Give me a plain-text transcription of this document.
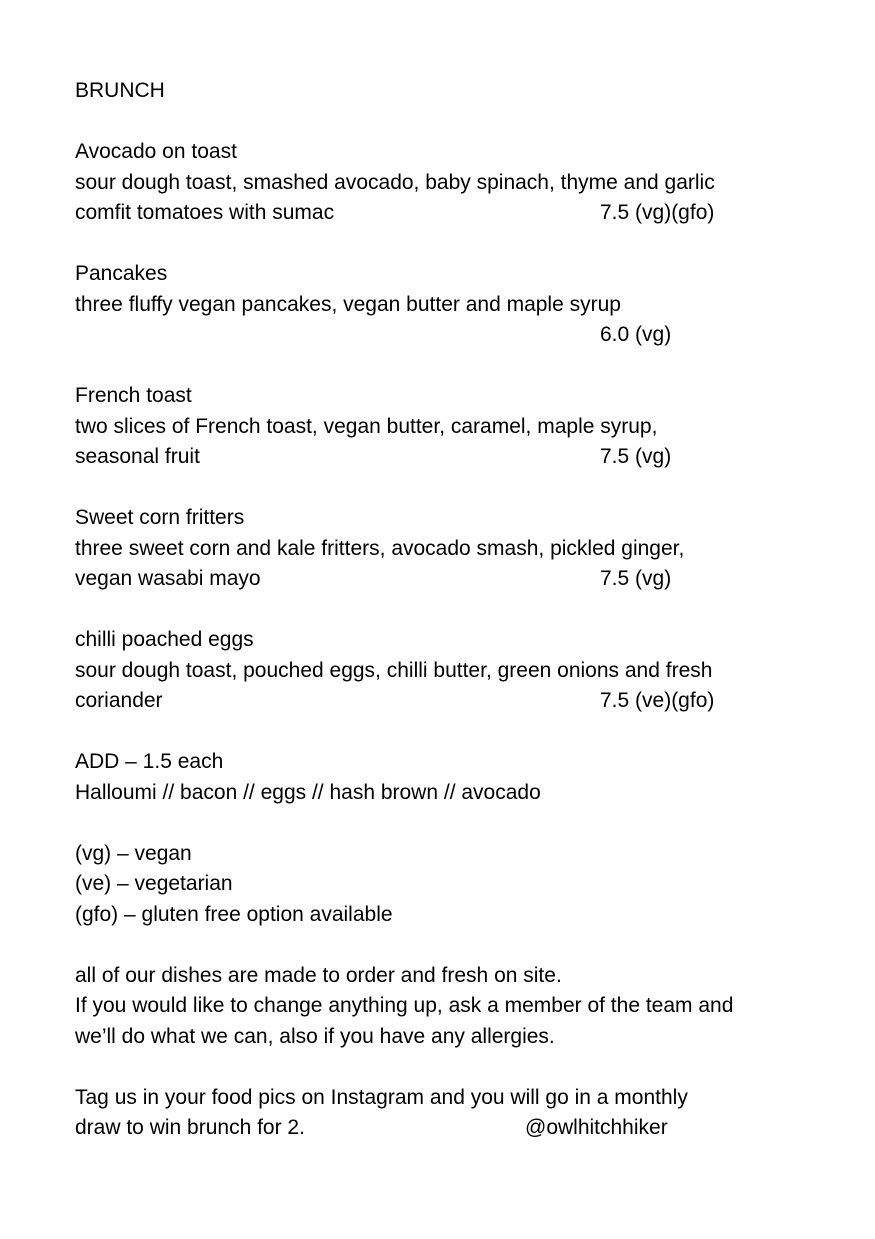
BRUNCH
Avocado on toast
sour dough toast, smashed avocado, baby spinach, thyme and garlic
comfit tomatoes with sumac	7.5 (vg)(gfo)
Pancakes
three fluffy vegan pancakes, vegan butter and maple syrup
6.0 (vg)
French toast
two slices of French toast, vegan butter, caramel, maple syrup,
seasonal fruit	7.5 (vg)
Sweet corn fritters
three sweet corn and kale fritters, avocado smash, pickled ginger,
vegan wasabi mayo	7.5 (vg)
chilli poached eggs
sour dough toast, pouched eggs, chilli butter, green onions and fresh
coriander	7.5 (ve)(gfo)
ADD – 1.5 each
Halloumi // bacon // eggs // hash brown // avocado
(vg) – vegan
(ve) – vegetarian
(gfo) – gluten free option available
all of our dishes are made to order and fresh on site.
If you would like to change anything up, ask a member of the team and
we’ll do what we can, also if you have any allergies.
Tag us in your food pics on Instagram and you will go in a monthly
draw to win brunch for 2.	@owlhitchhiker
